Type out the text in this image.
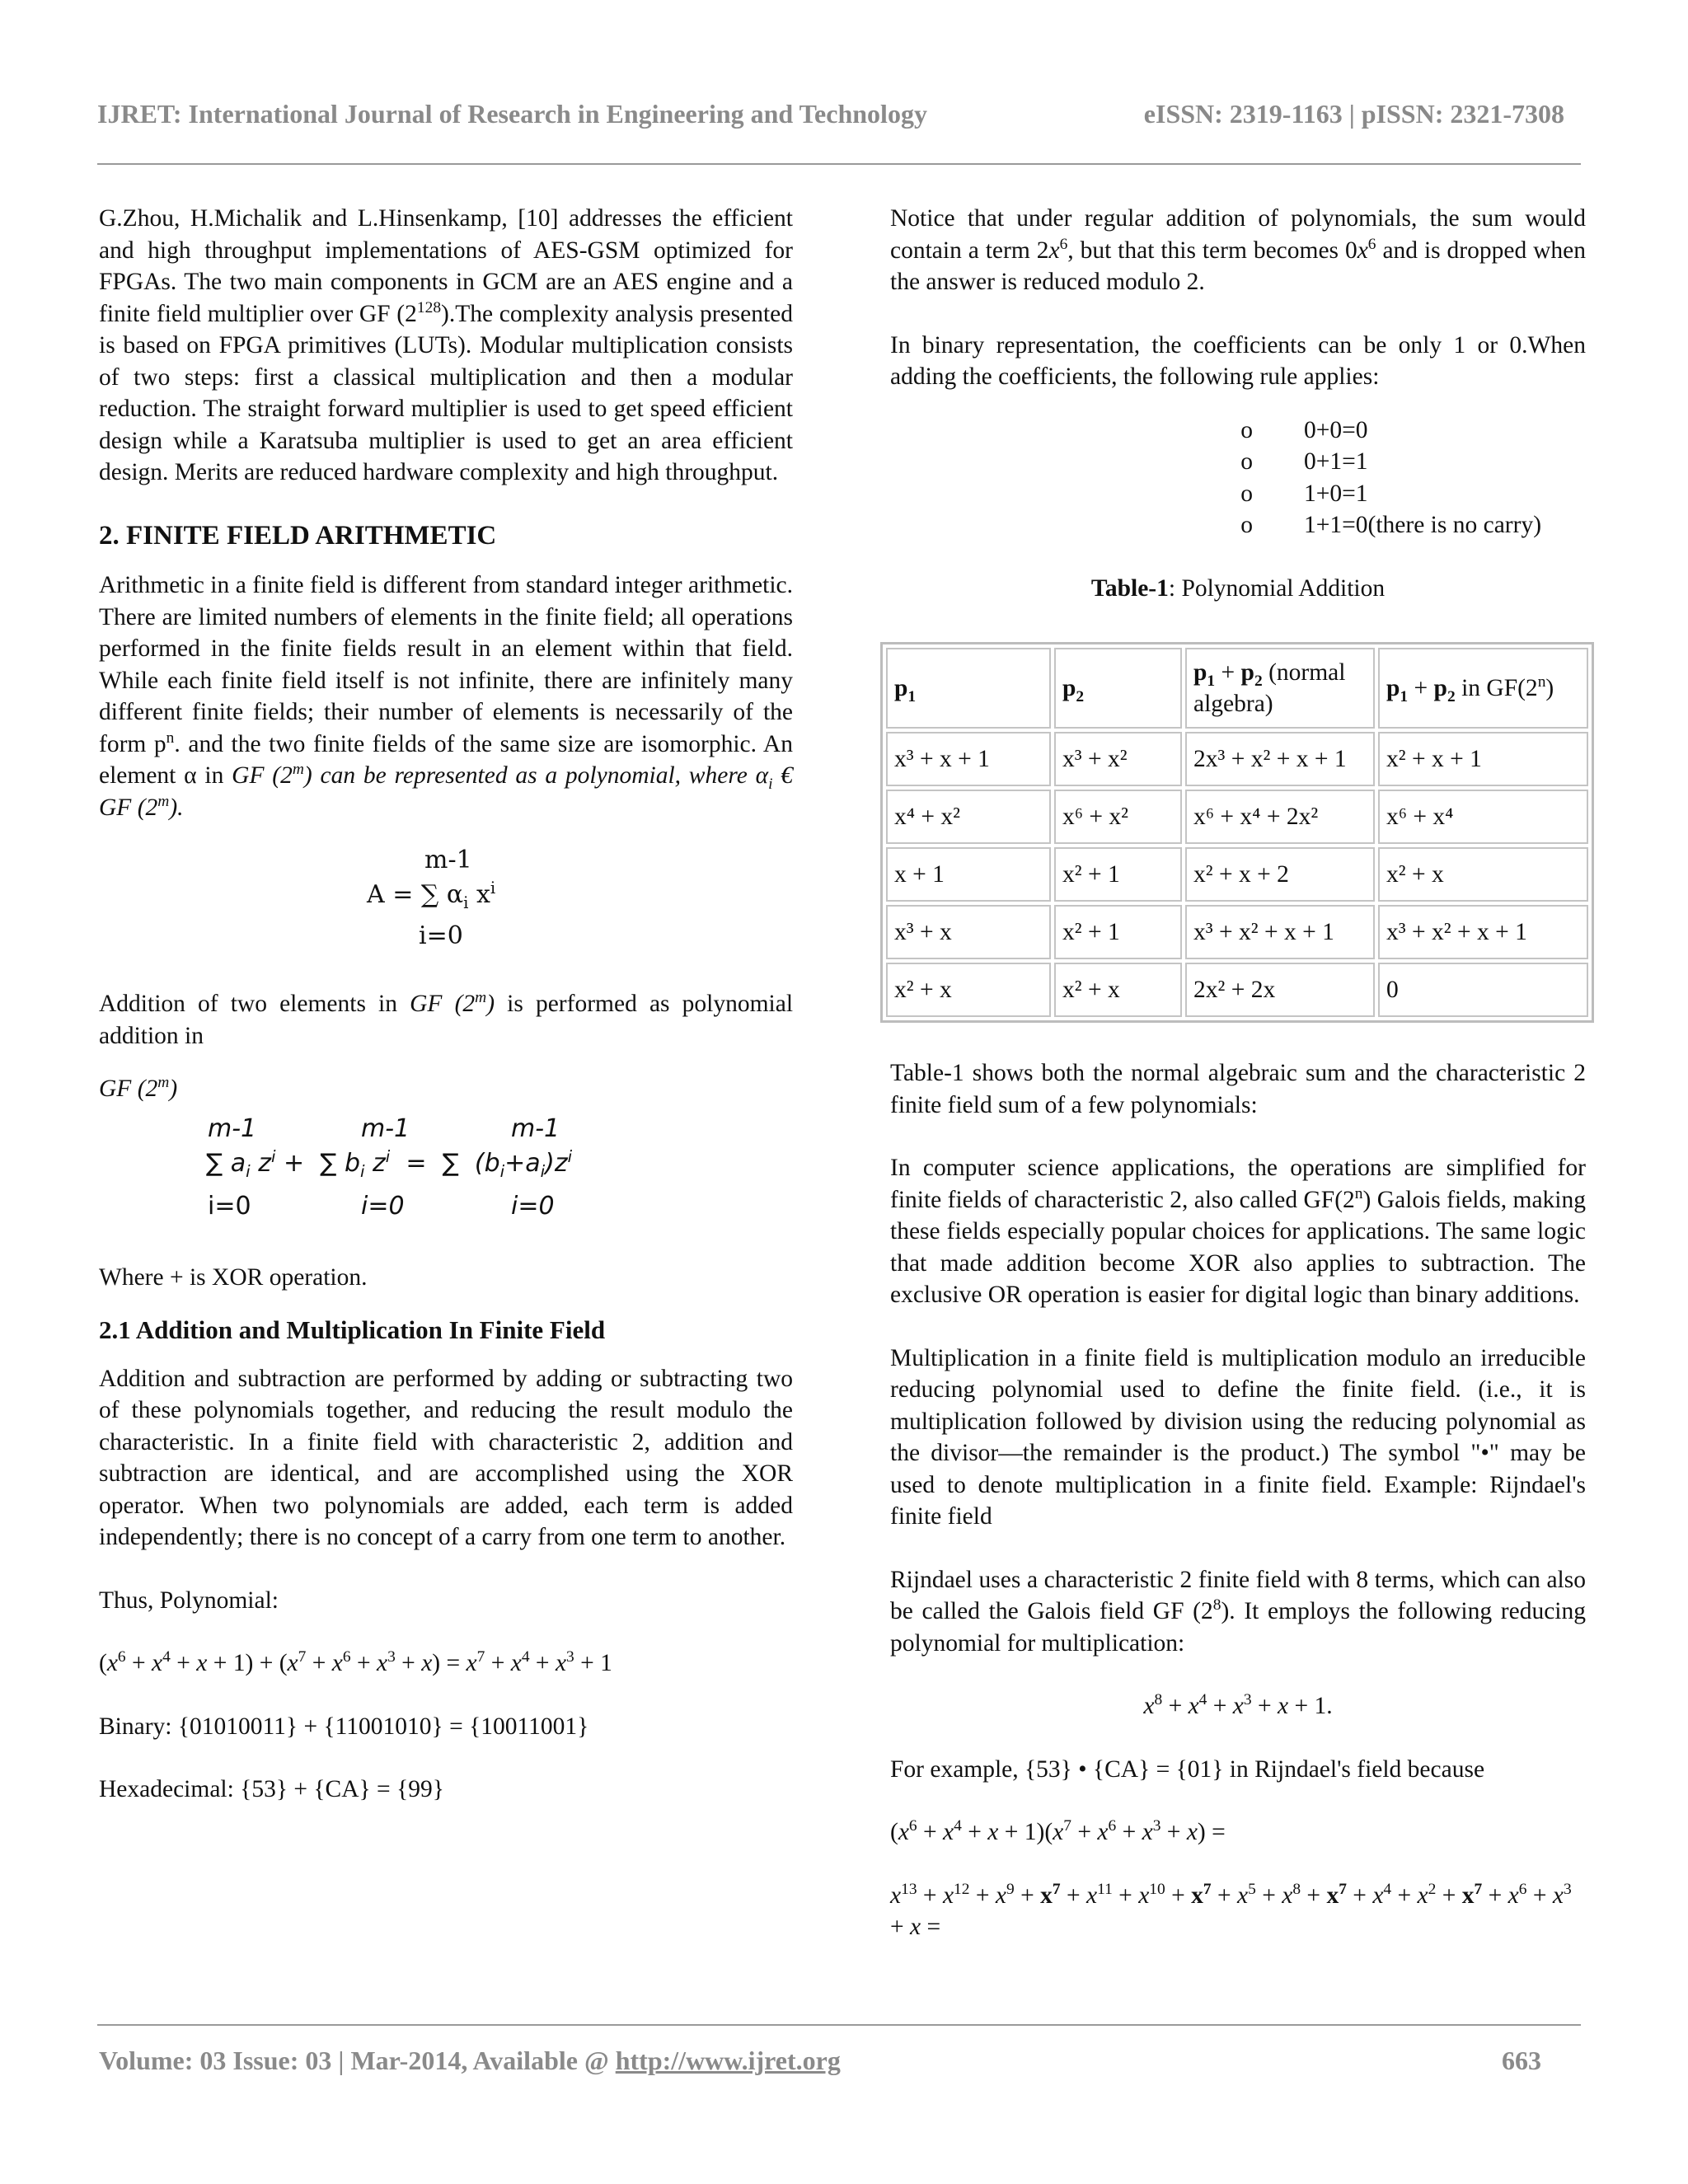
IJRET: International Journal of Research in Engineering and Technology	eISSN: 2319-1163 | pISSN: 2321-7308

G.Zhou, H.Michalik and L.Hinsenkamp, [10] addresses the efficient and high throughput implementations of AES-GSM optimized for FPGAs. The two main components in GCM are an AES engine and a finite field multiplier over GF $(2^{128}).The$ complexity analysis presented is based on FPGA primitives (LUTs). Modular multiplication consists of two steps: first a classical multiplication and then a modular reduction. The straight forward multiplier is used to get speed efficient design while a Karatsuba multiplier is used to get an area efficient design. Merits are reduced hardware complexity and high throughput.

2. FINITE FIELD ARITHMETIC

Arithmetic in a finite field is different from standard integer arithmetic. There are limited numbers of elements in the finite field; all operations performed in the finite fields result in an element within that field. While each finite field itself is not infinite, there are infinitely many different finite fields; their number of elements is necessarily of the form $p^n$. and the two finite fields of the same size are isomorphic. An element α in GF (2$^m$) can be represented as a polynomial, where $\alpha_i$ € GF (2$^m$).

m-1
A = ∑ $\alpha_i$ $x^i$
i=0

Addition of two elements in GF (2$^m$) is performed as polynomial addition in

GF (2$^m$)

m-1	m-1	m-1
∑ $a_i$ $z^i$ +  ∑ $b_i$ $z^i$  =  ∑  $(b_i+a_i)z^i$
i=0	i=0	i=0

Where + is XOR operation.

2.1 Addition and Multiplication In Finite Field

Addition and subtraction are performed by adding or subtracting two of these polynomials together, and reducing the result modulo the characteristic. In a finite field with characteristic 2, addition and subtraction are identical, and are accomplished using the XOR operator. When two polynomials are added, each term is added independently; there is no concept of a carry from one term to another.

Thus, Polynomial:

$(x^6 + x^4 + x + 1) + (x^7 + x^6 + x^3 + x) = x^7 + x^4 + x^3 + 1$

Binary: {01010011} + {11001010} = {10011001}

Hexadecimal: {53} + {CA} = {99}

Notice that under regular addition of polynomials, the sum would contain a term $2x^6$, but that this term becomes $0x^6$ and is dropped when the answer is reduced modulo 2.

In binary representation, the coefficients can be only 1 or 0.When adding the coefficients, the following rule applies:

o 0+0=0
o 0+1=1
o 1+0=1
o 1+1=0(there is no carry)
Table-1: Polynomial Addition
$p_1$	$p_2$	$p_1 + p_2$ (normal algebra)	$p_1 + p_2$ in GF(2$^n$)
x³ + x + 1	x³ + x²	2x³ + x² + x + 1	x² + x + 1
x⁴ + x²	x⁶ + x²	x⁶ + x⁴ + 2x²	x⁶ + x⁴
x + 1	x² + 1	x² + x + 2	x² + x
x³ + x	x² + 1	x³ + x² + x + 1	x³ + x² + x + 1
x² + x	x² + x	2x² + 2x	0

Table-1 shows both the normal algebraic sum and the characteristic 2 finite field sum of a few polynomials:

In computer science applications, the operations are simplified for finite fields of characteristic 2, also called GF(2$^n$) Galois fields, making these fields especially popular choices for applications. The same logic that made addition become XOR also applies to subtraction. The exclusive OR operation is easier for digital logic than binary additions.

Multiplication in a finite field is multiplication modulo an irreducible reducing polynomial used to define the finite field. (i.e., it is multiplication followed by division using the reducing polynomial as the divisor—the remainder is the product.) The symbol "•" may be used to denote multiplication in a finite field. Example: Rijndael's finite field

Rijndael uses a characteristic 2 finite field with 8 terms, which can also be called the Galois field GF $(2^8)$. It employs the following reducing polynomial for multiplication:

$x^8 + x^4 + x^3 + x + 1$.

For example, {53} • {CA} = {01} in Rijndael's field because

$(x^6 + x^4 + x + 1)(x^7 + x^6 + x^3 + x)$ =

$x^{13} + x^{12} + x^9 + x^7 + x^{11} + x^{10} + x^7 + x^5 + x^8 + x^7 + x^4 + x^2 + x^7 + x^6 + x^3 + x$ =

Volume: 03 Issue: 03 | Mar-2014, Available @ http://www.ijret.org	663
